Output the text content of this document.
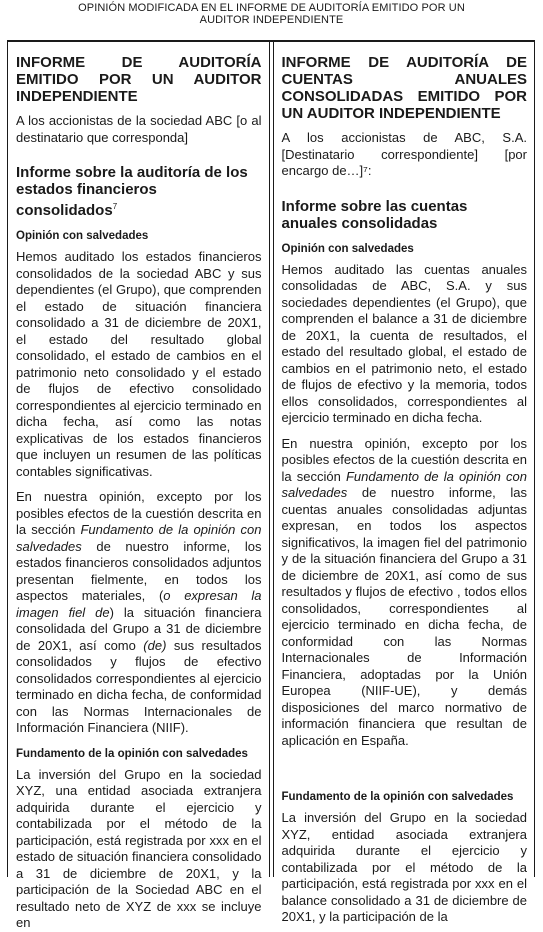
OPINIÓN MODIFICADA EN EL INFORME DE AUDITORÍA EMITIDO POR UN
AUDITOR INDEPENDIENTE
INFORME DE AUDITORÍA EMITIDO POR UN AUDITOR INDEPENDIENTE

A los accionistas de la sociedad ABC [o al destinatario que corresponda]

Informe sobre la auditoría de los estados financieros consolidados$^7$
Opinión con salvedades

Hemos auditado los estados financieros consolidados de la sociedad ABC y sus dependientes (el Grupo), que comprenden el estado de situación financiera consolidado a 31 de diciembre de 20X1, el estado del resultado global consolidado, el estado de cambios en el patrimonio neto consolidado y el estado de flujos de efectivo consolidado correspondientes al ejercicio terminado en dicha fecha, así como las notas explicativas de los estados financieros que incluyen un resumen de las políticas contables significativas.

En nuestra opinión, excepto por los posibles efectos de la cuestión descrita en la sección Fundamento de la opinión con salvedades de nuestro informe, los estados financieros consolidados adjuntos presentan fielmente, en todos los aspectos materiales, (o expresan la imagen fiel de) la situación financiera consolidada del Grupo a 31 de diciembre de 20X1, así como (de) sus resultados consolidados y flujos de efectivo consolidados correspondientes al ejercicio terminado en dicha fecha, de conformidad con las Normas Internacionales de Información Financiera (NIIF).

Fundamento de la opinión con salvedades

La inversión del Grupo en la sociedad XYZ, una entidad asociada extranjera adquirida durante el ejercicio y contabilizada por el método de la participación, está registrada por xxx en el estado de situación financiera consolidado a 31 de diciembre de 20X1, y la participación de la Sociedad ABC en el resultado neto de XYZ de xxx se incluye en

INFORME DE AUDITORÍA DE CUENTAS ANUALES CONSOLIDADAS EMITIDO POR UN AUDITOR INDEPENDIENTE

A los accionistas de ABC, S.A. [Destinatario correspondiente] [por encargo de…]⁷:

Informe sobre las cuentas anuales consolidadas
Opinión con salvedades

Hemos auditado las cuentas anuales consolidadas de ABC, S.A. y sus sociedades dependientes (el Grupo), que comprenden el balance a 31 de diciembre de 20X1, la cuenta de resultados, el estado del resultado global, el estado de cambios en el patrimonio neto, el estado de flujos de efectivo y la memoria, todos ellos consolidados, correspondientes al ejercicio terminado en dicha fecha.

En nuestra opinión, excepto por los posibles efectos de la cuestión descrita en la sección Fundamento de la opinión con salvedades de nuestro informe, las cuentas anuales consolidadas adjuntas expresan, en todos los aspectos significativos, la imagen fiel del patrimonio y de la situación financiera del Grupo a 31 de diciembre de 20X1, así como de sus resultados y flujos de efectivo , todos ellos consolidados, correspondientes al ejercicio terminado en dicha fecha, de conformidad con las Normas Internacionales de Información Financiera, adoptadas por la Unión Europea (NIIF-UE), y demás disposiciones del marco normativo de información financiera que resultan de aplicación en España.

Fundamento de la opinión con salvedades

La inversión del Grupo en la sociedad XYZ, entidad asociada extranjera adquirida durante el ejercicio y contabilizada por el método de la participación, está registrada por xxx en el balance consolidado a 31 de diciembre de 20X1, y la participación de la
